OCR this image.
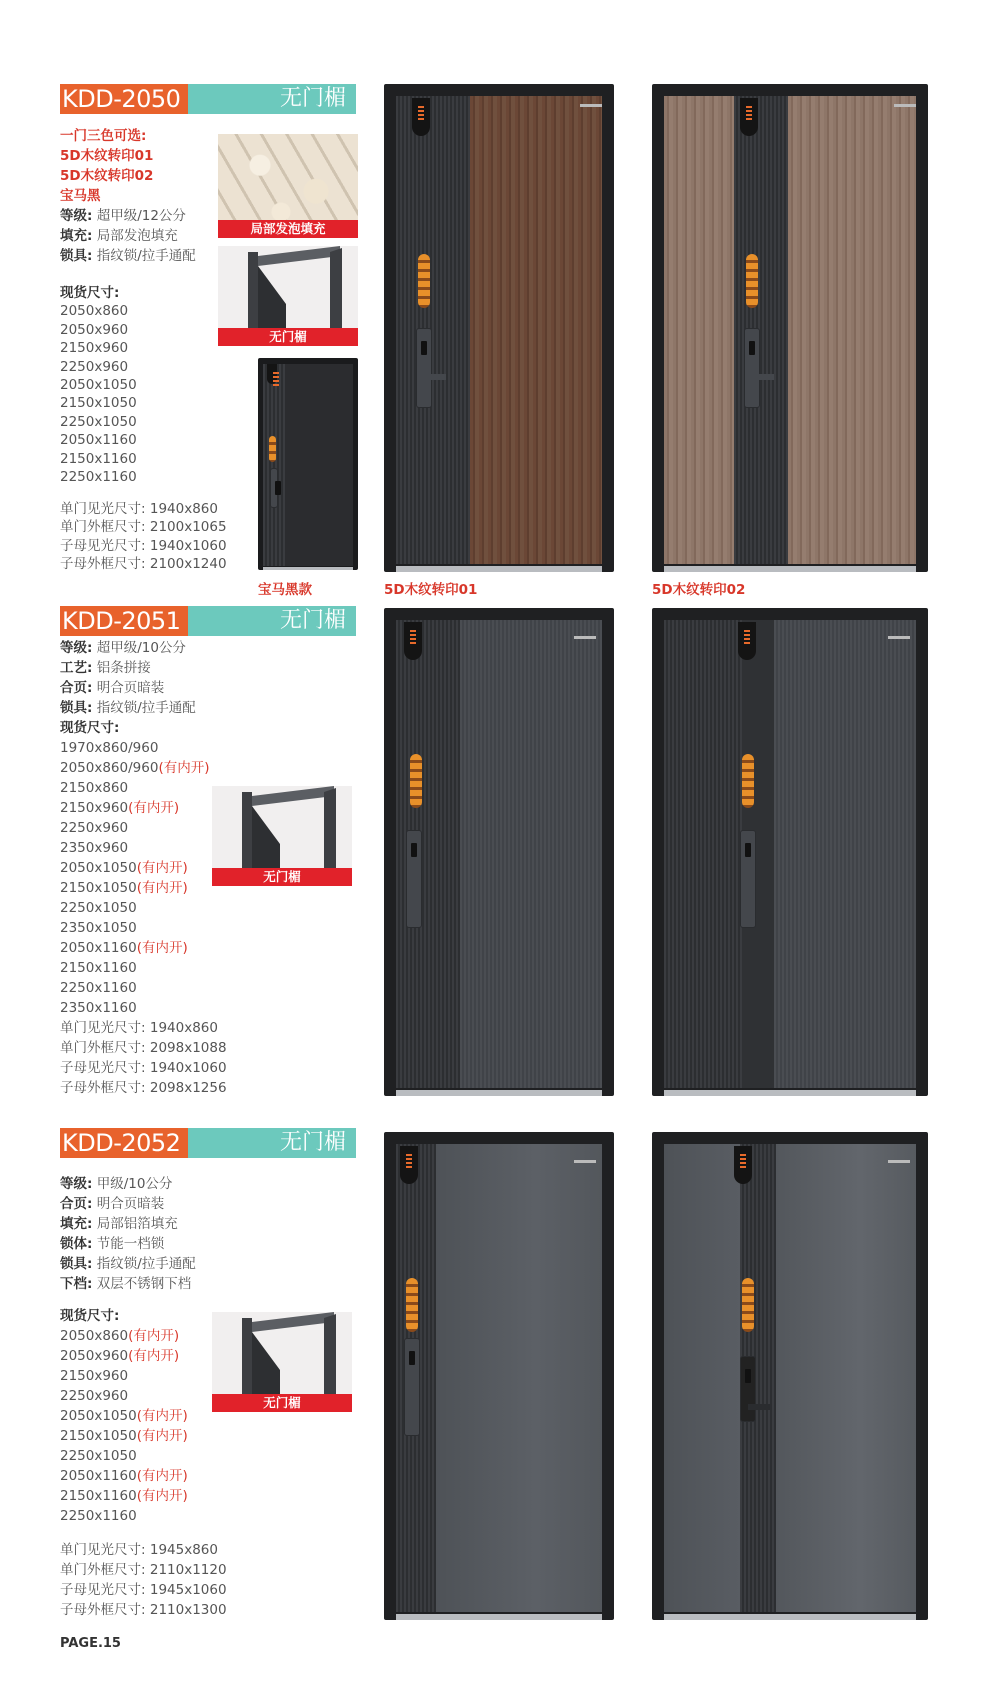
KDD-2050	无门楣
一门三色可选:
5D木纹转印01
5D木纹转印02
宝马黑
等级: 超甲级/12公分
填充: 局部发泡填充
锁具: 指纹锁/拉手通配
现货尺寸:
2050x860
2050x960
2150x960
2250x960
2050x1050
2150x1050
2250x1050
2050x1160
2150x1160
2250x1160
单门见光尺寸: 1940x860
单门外框尺寸: 2100x1065
子母见光尺寸: 1940x1060
子母外框尺寸: 2100x1240
局部发泡填充
无门楣
宝马黑款	5D木纹转印01	5D木纹转印02
KDD-2051	无门楣
等级: 超甲级/10公分
工艺: 铝条拼接
合页: 明合页暗装
锁具: 指纹锁/拉手通配
现货尺寸:
1970x860/960
2050x860/960(有内开)
2150x860
2150x960(有内开)
2250x960
2350x960
2050x1050(有内开)
2150x1050(有内开)
2250x1050
2350x1050
2050x1160(有内开)
2150x1160
2250x1160
2350x1160
单门见光尺寸: 1940x860
单门外框尺寸: 2098x1088
子母见光尺寸: 1940x1060
子母外框尺寸: 2098x1256
无门楣
KDD-2052	无门楣
等级: 甲级/10公分
合页: 明合页暗装
填充: 局部铝箔填充
锁体: 节能一档锁
锁具: 指纹锁/拉手通配
下档: 双层不锈钢下档
现货尺寸:
2050x860(有内开)
2050x960(有内开)
2150x960
2250x960
2050x1050(有内开)
2150x1050(有内开)
2250x1050
2050x1160(有内开)
2150x1160(有内开)
2250x1160
单门见光尺寸: 1945x860
单门外框尺寸: 2110x1120
子母见光尺寸: 1945x1060
子母外框尺寸: 2110x1300
无门楣
PAGE.15
